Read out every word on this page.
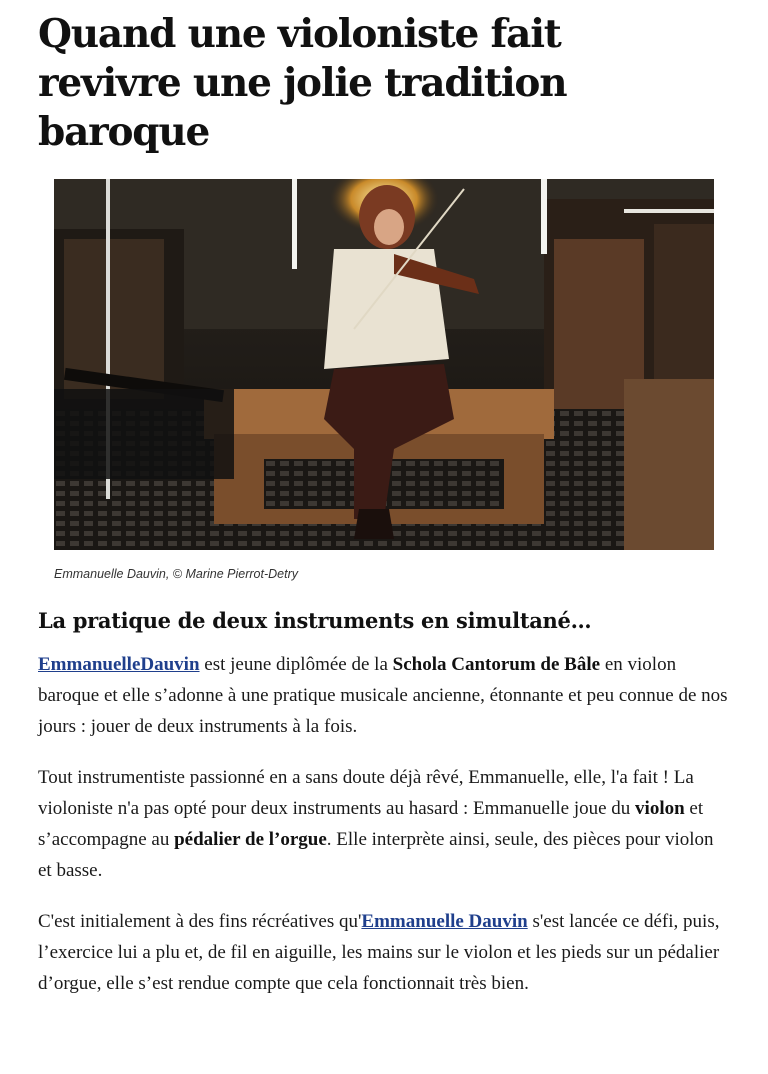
Quand une violoniste fait revivre une jolie tradition baroque
Emmanuelle Dauvin, © Marine Pierrot-Detry
La pratique de deux instruments en simultané…

EmmanuelleDauvin est jeune diplômée de la Schola Cantorum de Bâle en violon baroque et elle s’adonne à une pratique musicale ancienne, étonnante et peu connue de nos jours : jouer de deux instruments à la fois.

Tout instrumentiste passionné en a sans doute déjà rêvé, Emmanuelle, elle, l'a fait ! La violoniste n'a pas opté pour deux instruments au hasard : Emmanuelle joue du violon et s’accompagne au pédalier de l’orgue. Elle interprète ainsi, seule, des pièces pour violon et basse.

C'est initialement à des fins récréatives qu'Emmanuelle Dauvin s'est lancée ce défi, puis, l’exercice lui a plu et, de fil en aiguille, les mains sur le violon et les pieds sur un pédalier d’orgue, elle s’est rendue compte que cela fonctionnait très bien.
